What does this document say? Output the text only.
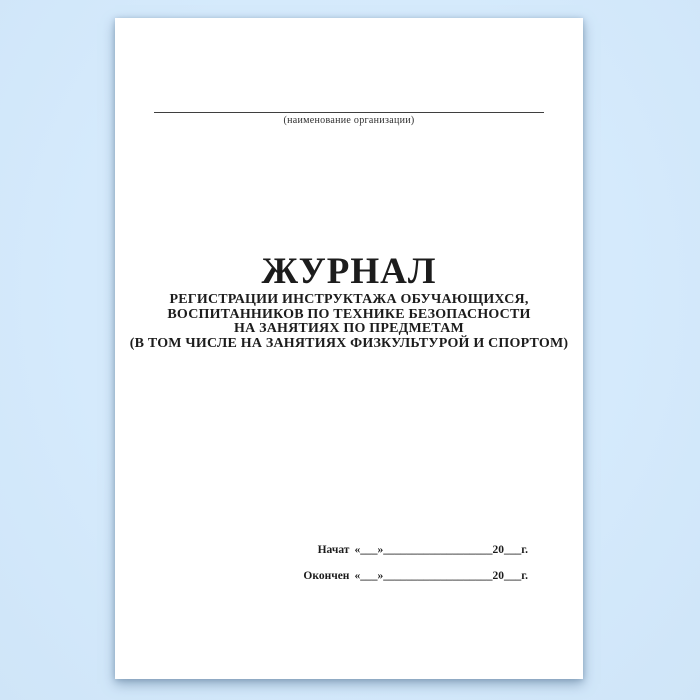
(наименование организации)
ЖУРНАЛ
РЕГИСТРАЦИИ ИНСТРУКТАЖА ОБУЧАЮЩИХСЯ,
ВОСПИТАННИКОВ ПО ТЕХНИКЕ БЕЗОПАСНОСТИ
НА ЗАНЯТИЯХ ПО ПРЕДМЕТАМ
(В ТОМ ЧИСЛЕ НА ЗАНЯТИЯХ ФИЗКУЛЬТУРОЙ И СПОРТОМ)
Начат «___»___________________20___г.
Окончен «___»___________________20___г.
